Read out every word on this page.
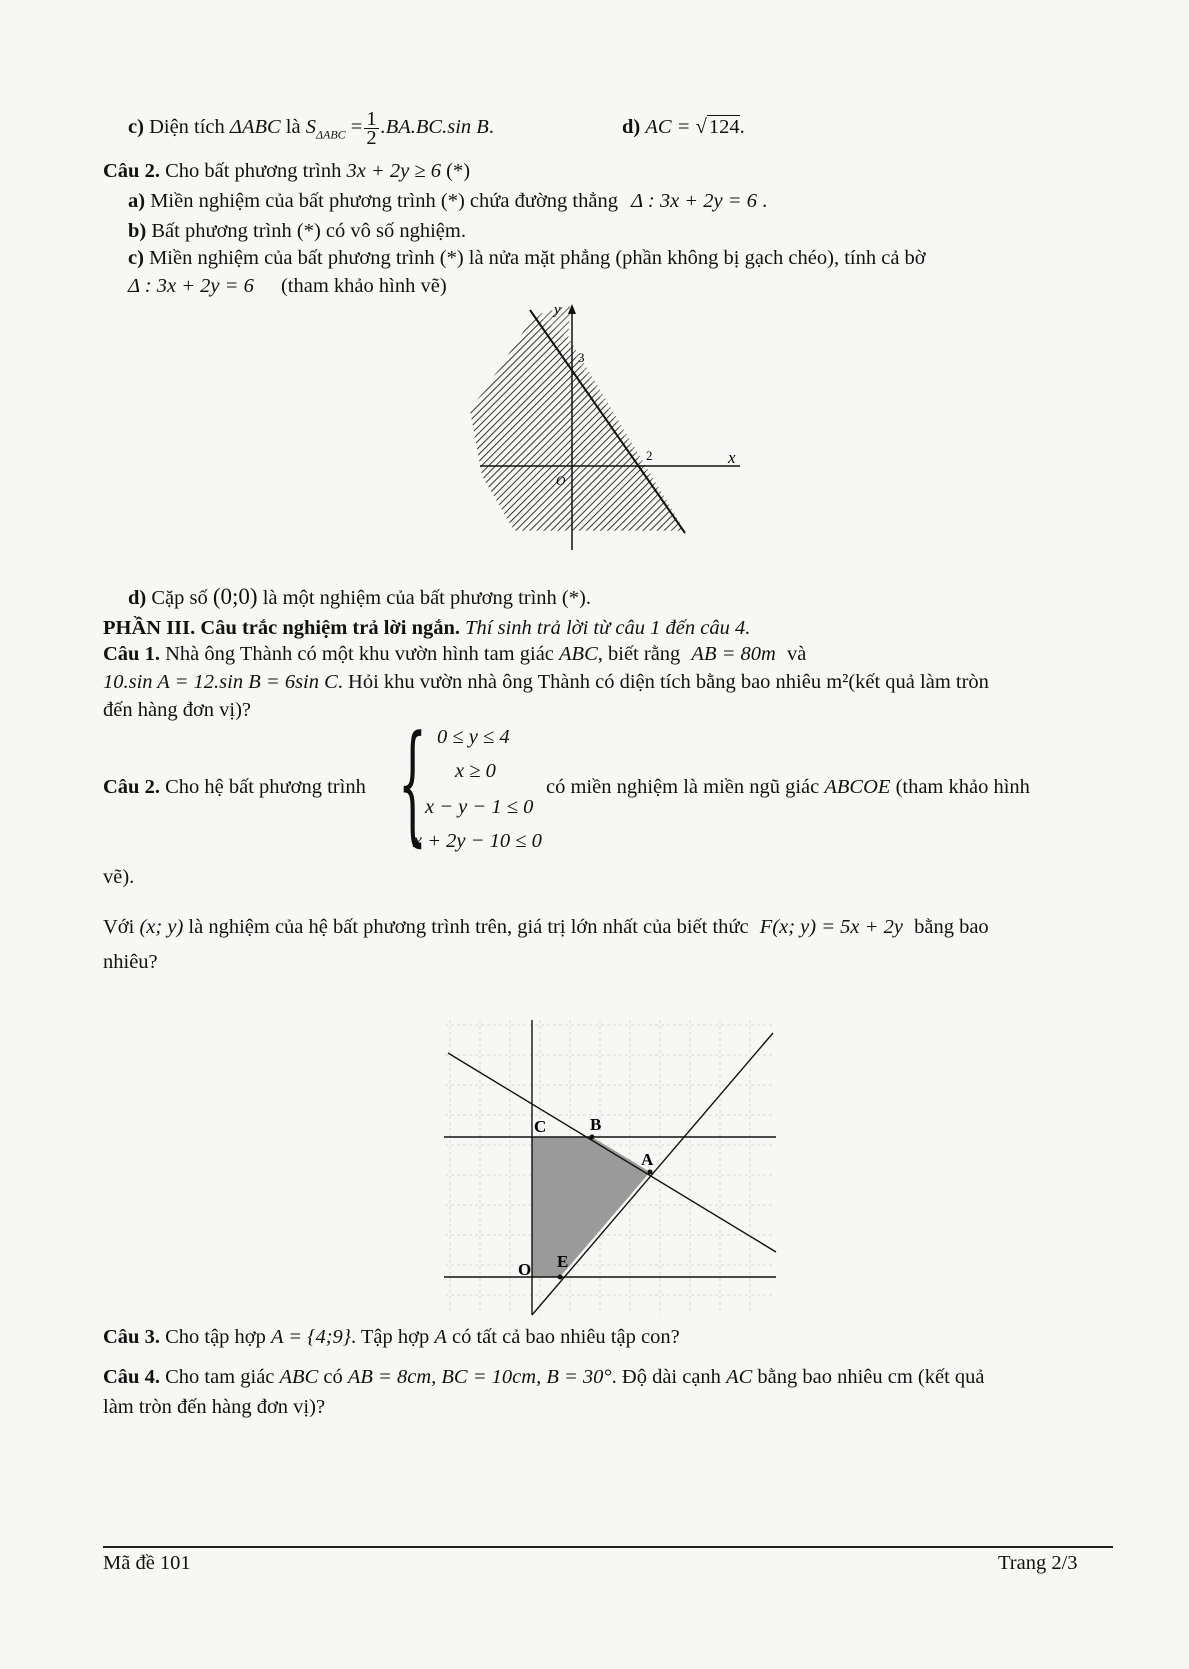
c) Diện tích ΔABC là $S_{\Delta ABC} = \frac{1}{2} .BA.BC.\sin$ B.	d) AC = √124.
Câu 2. Cho bất phương trình 3x + 2y ≥ 6 (*)
a) Miền nghiệm của bất phương trình (*) chứa đường thẳng Δ : 3x + 2y = 6 .
b) Bất phương trình (*) có vô số nghiệm.
c) Miền nghiệm của bất phương trình (*) là nửa mặt phẳng (phần không bị gạch chéo), tính cả bờ
Δ : 3x + 2y = 6 (tham khảo hình vẽ)
y
x
3
2
O
d) Cặp số (0;0) là một nghiệm của bất phương trình (*).
PHẦN III. Câu trắc nghiệm trả lời ngắn. Thí sinh trả lời từ câu 1 đến câu 4.
Câu 1. Nhà ông Thành có một khu vườn hình tam giác ABC, biết rằng AB = 80m và
10.sin A = 12.sin B = 6sin C. Hỏi khu vườn nhà ông Thành có diện tích bằng bao nhiêu m²(kết quả làm tròn
đến hàng đơn vị)?
Câu 2. Cho hệ bất phương trình { 0 ≤ y ≤ 4
x ≥ 0
x − y − 1 ≤ 0
x + 2y − 10 ≤ 0
có miền nghiệm là miền ngũ giác ABCOE (tham khảo hình
vẽ).
Với (x; y) là nghiệm của hệ bất phương trình trên, giá trị lớn nhất của biết thức F(x; y) = 5x + 2y bằng bao
nhiêu?
C	B
A
O E
Câu 3. Cho tập hợp A = {4;9}. Tập hợp A có tất cả bao nhiêu tập con?
Câu 4. Cho tam giác ABC có AB = 8cm, BC = 10cm, B = 30°. Độ dài cạnh AC bằng bao nhiêu cm (kết quả
làm tròn đến hàng đơn vị)?
Mã đề 101	Trang 2/3
